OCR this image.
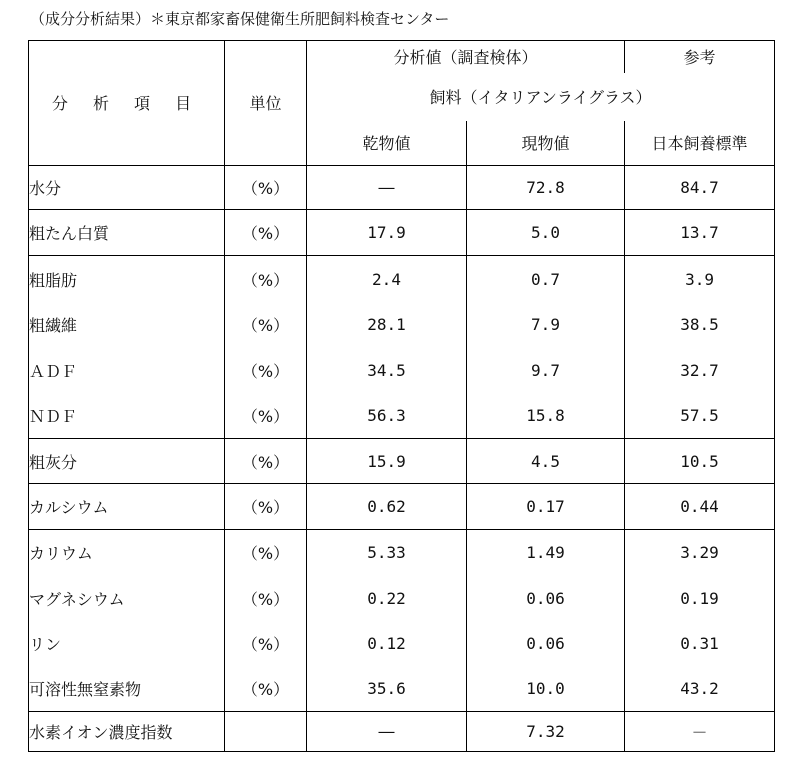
（成分分析結果）＊東京都家畜保健衛生所肥飼料検査センター
分 析 項 目	単位	分析値（調査検体）		参考
		飼料（イタリアンライグラス）		
		乾物値	現物値	日本飼養標準
水分	（%）	―	72.8	84.7
粗たん白質	（%）	17.9	5.0	13.7
粗脂肪	（%）	2.4	0.7	3.9
粗繊維	（%）	28.1	7.9	38.5
ＡＤＦ	（%）	34.5	9.7	32.7
ＮＤＦ	（%）	56.3	15.8	57.5
粗灰分	（%）	15.9	4.5	10.5
カルシウム	（%）	0.62	0.17	0.44
カリウム	（%）	5.33	1.49	3.29
マグネシウム	（%）	0.22	0.06	0.19
リン	（%）	0.12	0.06	0.31
可溶性無窒素物	（%）	35.6	10.0	43.2
水素イオン濃度指数		―	7.32	－
